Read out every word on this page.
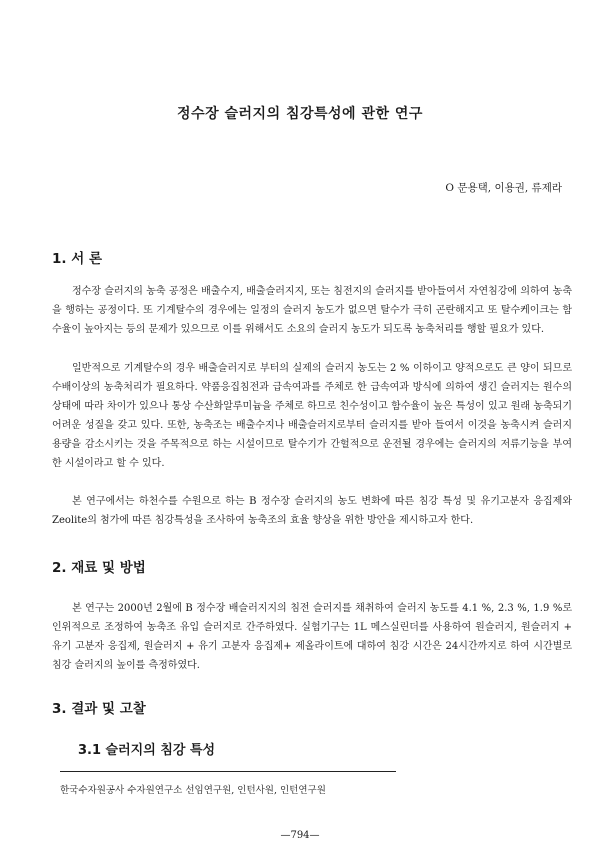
정수장 슬러지의 침강특성에 관한 연구
O 문용택, 이용권, 류제라
1. 서 론

정수장 슬러지의 농축 공정은 배출수지, 배출슬러지지, 또는 침전지의 슬러지를 받아들여서 자연침강에 의하여 농축을 행하는 공정이다. 또 기계탈수의 경우에는 일정의 슬러지 농도가 없으면 탈수가 극히 곤란해지고 또 탈수케이크는 함수율이 높아지는 등의 문제가 있으므로 이를 위해서도 소요의 슬러지 농도가 되도록 농축처리를 행할 필요가 있다.

일반적으로 기계탈수의 경우 배출슬러지로 부터의 실제의 슬러지 농도는 2 % 이하이고 양적으로도 큰 양이 되므로 수배이상의 농축처리가 필요하다. 약품응집침전과 급속여과를 주체로 한 급속여과 방식에 의하여 생긴 슬러지는 원수의 상태에 따라 차이가 있으나 통상 수산화알루미늄을 주체로 하므로 친수성이고 함수율이 높은 특성이 있고 원래 농축되기 어려운 성질을 갖고 있다. 또한, 농축조는 배출수지나 배출슬러지로부터 슬러지를 받아 들여서 이것을 농축시켜 슬러지 용량을 감소시키는 것을 주목적으로 하는 시설이므로 탈수기가 간헐적으로 운전될 경우에는 슬러지의 저류기능을 부여한 시설이라고 할 수 있다.

본 연구에서는 하천수를 수원으로 하는 B 정수장 슬러지의 농도 변화에 따른 침강 특성 및 유기고분자 응집제와 Zeolite의 첨가에 따른 침강특성을 조사하여 농축조의 효율 향상을 위한 방안을 제시하고자 한다.

2. 재료 및 방법

본 연구는 2000년 2월에 B 정수장 배슬러지지의 침전 슬러지를 채취하여 슬러지 농도를 4.1 %, 2.3 %, 1.9 %로 인위적으로 조정하여 농축조 유입 슬러지로 간주하였다. 실험기구는 1L 메스실린더를 사용하여 원슬러지, 원슬러지 + 유기 고분자 응집제, 원슬러지 + 유기 고분자 응집제+ 제올라이트에 대하여 침강 시간은 24시간까지로 하여 시간별로 침강 슬러지의 높이를 측정하였다.

3. 결과 및 고찰
3.1 슬러지의 침강 특성
한국수자원공사 수자원연구소 선임연구원, 인턴사원, 인턴연구원
—794—
